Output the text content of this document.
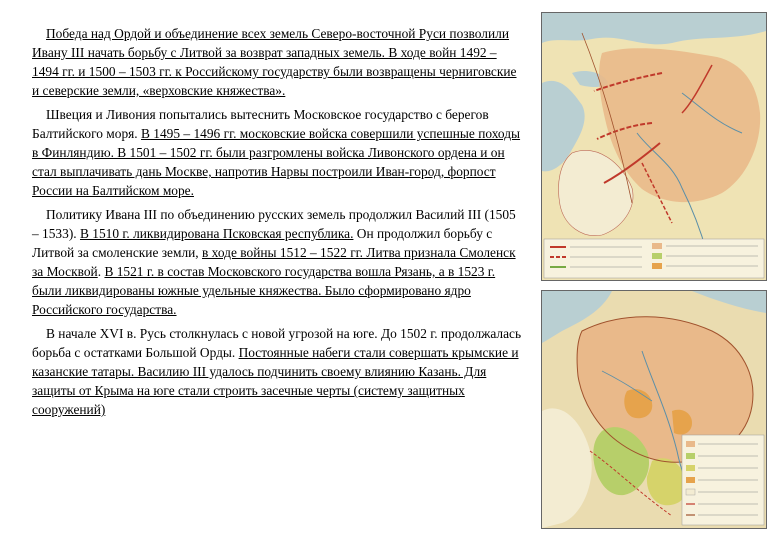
Победа над Ордой и объединение всех земель Северо-восточной Руси позволили Ивану III начать борьбу с Литвой за возврат западных земель. В ходе войн 1492 – 1494 гг. и 1500 – 1503 гг. к Российскому государству были возвращены черниговские и северские земли, «верховские княжества».

Швеция и Ливония попытались вытеснить Московское государство с берегов Балтийского моря. В 1495 – 1496 гг. московские войска совершили успешные походы в Финляндию. В 1501 – 1502 гг. были разгромлены войска Ливонского ордена и он стал выплачивать дань Москве, напротив Нарвы построили Иван-город, форпост России на Балтийском море.

Политику Ивана III по объединению русских земель продолжил Василий III (1505 – 1533). В 1510 г. ликвидирована Псковская республика. Он продолжил борьбу с Литвой за смоленские земли, в ходе войны 1512 – 1522 гг. Литва признала Смоленск за Москвой. В 1521 г. в состав Московского государства вошла Рязань, а в 1523 г. были ликвидированы южные удельные княжества. Было сформировано ядро Российского государства.

В начале XVI в. Русь столкнулась с новой угрозой на юге. До 1502 г. продолжалась борьба с остатками Большой Орды. Постоянные набеги стали совершать крымские и казанские татары. Василию III удалось подчинить своему влиянию Казань. Для защиты от Крыма на юге стали строить засечные черты (систему защитных сооружений)
